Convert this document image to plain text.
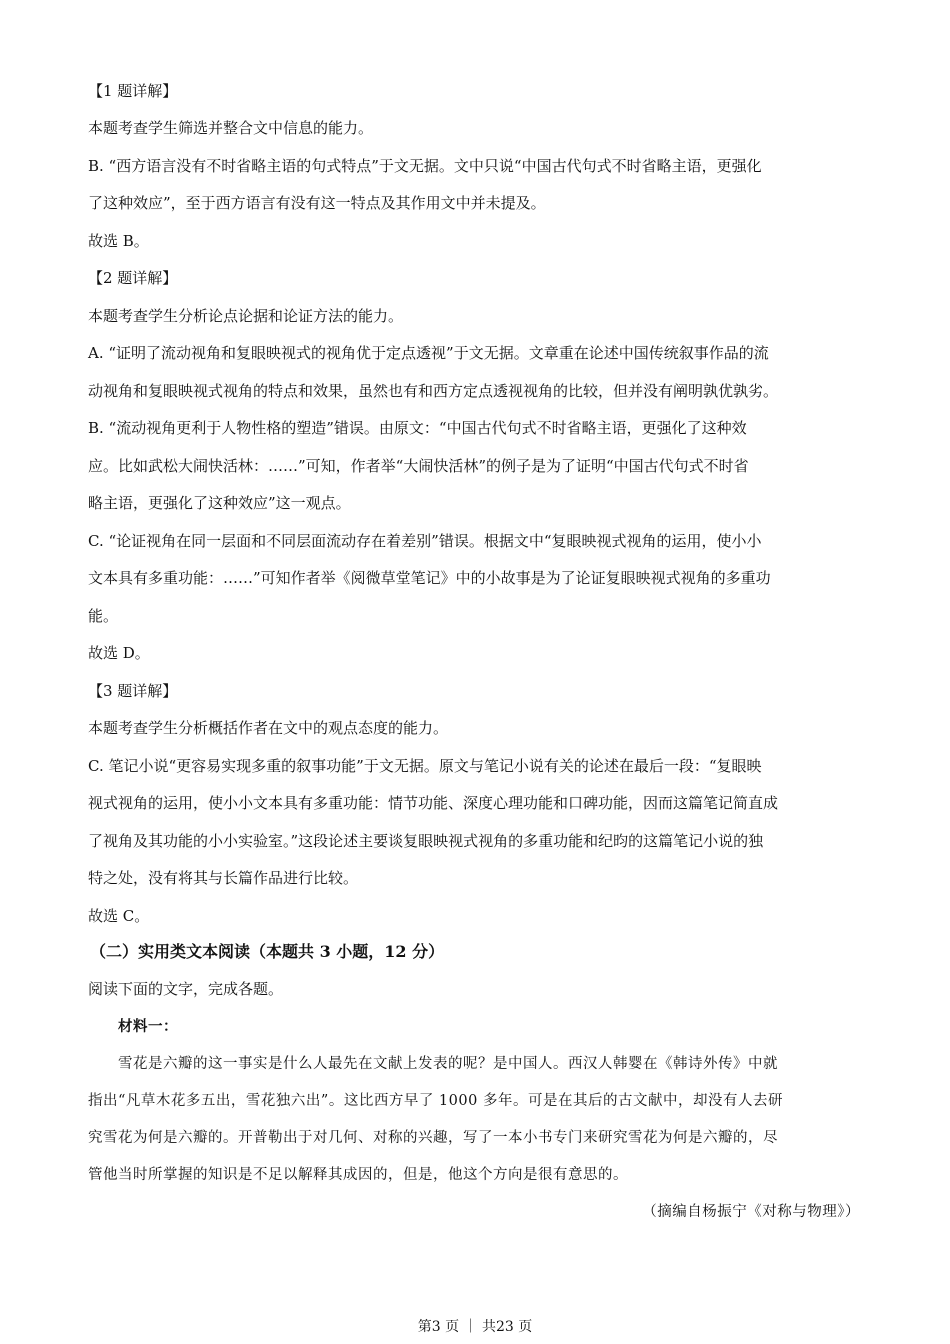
【1 题详解】
本题考查学生筛选并整合文中信息的能力。
B. “西方语言没有不时省略主语的句式特点”于文无据。文中只说“中国古代句式不时省略主语，更强化
了这种效应”，至于西方语言有没有这一特点及其作用文中并未提及。
故选 B。
【2 题详解】
本题考查学生分析论点论据和论证方法的能力。
A. “证明了流动视角和复眼映视式的视角优于定点透视”于文无据。文章重在论述中国传统叙事作品的流
动视角和复眼映视式视角的特点和效果，虽然也有和西方定点透视视角的比较，但并没有阐明孰优孰劣。
B. “流动视角更利于人物性格的塑造”错误。由原文：“中国古代句式不时省略主语，更强化了这种效
应。比如武松大闹快活林：……”可知，作者举“大闹快活林”的例子是为了证明“中国古代句式不时省
略主语，更强化了这种效应”这一观点。
C. “论证视角在同一层面和不同层面流动存在着差别”错误。根据文中“复眼映视式视角的运用，使小小
文本具有多重功能：……”可知作者举《阅微草堂笔记》中的小故事是为了论证复眼映视式视角的多重功
能。
故选 D。
【3 题详解】
本题考查学生分析概括作者在文中的观点态度的能力。
C. 笔记小说“更容易实现多重的叙事功能”于文无据。原文与笔记小说有关的论述在最后一段：“复眼映
视式视角的运用，使小小文本具有多重功能：情节功能、深度心理功能和口碑功能，因而这篇笔记简直成
了视角及其功能的小小实验室。”这段论述主要谈复眼映视式视角的多重功能和纪昀的这篇笔记小说的独
特之处，没有将其与长篇作品进行比较。
故选 C。
（二）实用类文本阅读（本题共 3 小题，12 分）
阅读下面的文字，完成各题。
材料一：
雪花是六瓣的这一事实是什么人最先在文献上发表的呢？是中国人。西汉人韩婴在《韩诗外传》中就
指出“凡草木花多五出，雪花独六出”。这比西方早了 1000 多年。可是在其后的古文献中，却没有人去研
究雪花为何是六瓣的。开普勒出于对几何、对称的兴趣，写了一本小书专门来研究雪花为何是六瓣的，尽
管他当时所掌握的知识是不足以解释其成因的，但是，他这个方向是很有意思的。
（摘编自杨振宁《对称与物理》）
第3 页 ｜ 共23 页
